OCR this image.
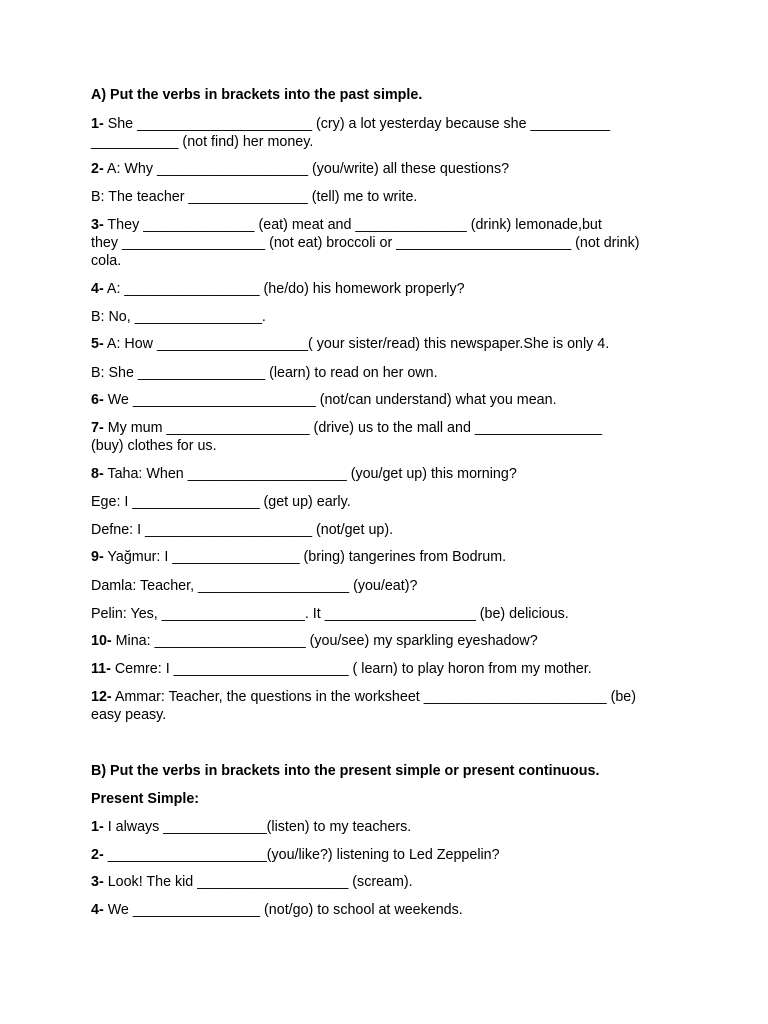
A) Put the verbs in brackets into the past simple.
1- She ______________________ (cry) a lot yesterday because she __________
___________ (not find) her money.
2- A: Why ___________________ (you/write) all these questions?
B: The teacher _______________ (tell) me to write.
3- They ______________ (eat) meat and ______________ (drink) lemonade,but
they __________________ (not eat) broccoli or ______________________ (not drink)
cola.
4- A: _________________ (he/do) his homework properly?
B: No, ________________.
5- A: How ___________________( your sister/read) this newspaper.She is only 4.
B: She ________________ (learn) to read on her own.
6- We _______________________ (not/can understand) what you mean.
7- My mum __________________ (drive) us to the mall and ________________
(buy) clothes for us.
8- Taha: When ____________________ (you/get up) this morning?
Ege: I ________________ (get up) early.
Defne: I _____________________ (not/get up).
9- Yağmur: I ________________ (bring) tangerines from Bodrum.
Damla: Teacher, ___________________ (you/eat)?
Pelin: Yes, __________________. It ___________________ (be) delicious.
10- Mina: ___________________ (you/see) my sparkling eyeshadow?
11- Cemre: I ______________________ ( learn) to play horon from my mother.
12- Ammar: Teacher, the questions in the worksheet _______________________ (be)
easy peasy.
B) Put the verbs in brackets into the present simple or present continuous.
Present Simple:
1- I always _____________(listen) to my teachers.
2- ____________________(you/like?) listening to Led Zeppelin?
3- Look! The kid ___________________ (scream).
4- We ________________ (not/go) to school at weekends.
